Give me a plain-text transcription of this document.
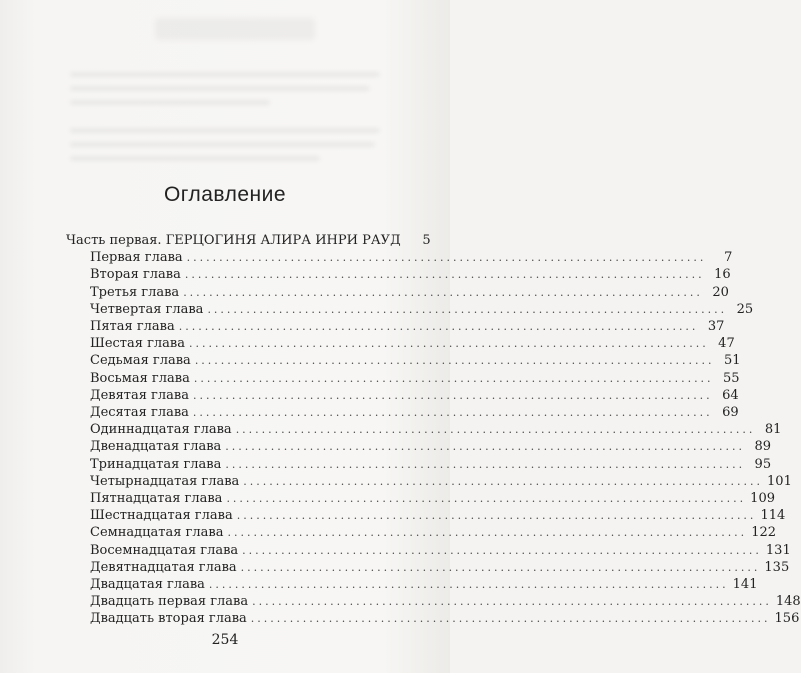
Оглавление
Часть первая. ГЕРЦОГИНЯ АЛИРА ИНРИ РАУД	5
Первая глава ................................................................................	7
Вторая глава ................................................................................ 16
Третья глава ................................................................................ 20
Четвертая глава ................................................................................ 25
Пятая глава ................................................................................ 37
Шестая глава ................................................................................ 47
Седьмая глава ................................................................................ 51
Восьмая глава ................................................................................ 55
Девятая глава ................................................................................ 64
Десятая глава ................................................................................ 69
Одиннадцатая глава ................................................................................ 81
Двенадцатая глава ................................................................................ 89
Тринадцатая глава ................................................................................ 95
Четырнадцатая глава ................................................................................ 101
Пятнадцатая глава ................................................................................ 109
Шестнадцатая глава ................................................................................ 114
Семнадцатая глава ................................................................................ 122
Восемнадцатая глава ................................................................................ 131
Девятнадцатая глава ................................................................................ 135
Двадцатая глава ................................................................................ 141
Двадцать первая глава ................................................................................ 148
Двадцать вторая глава ................................................................................ 156
254
